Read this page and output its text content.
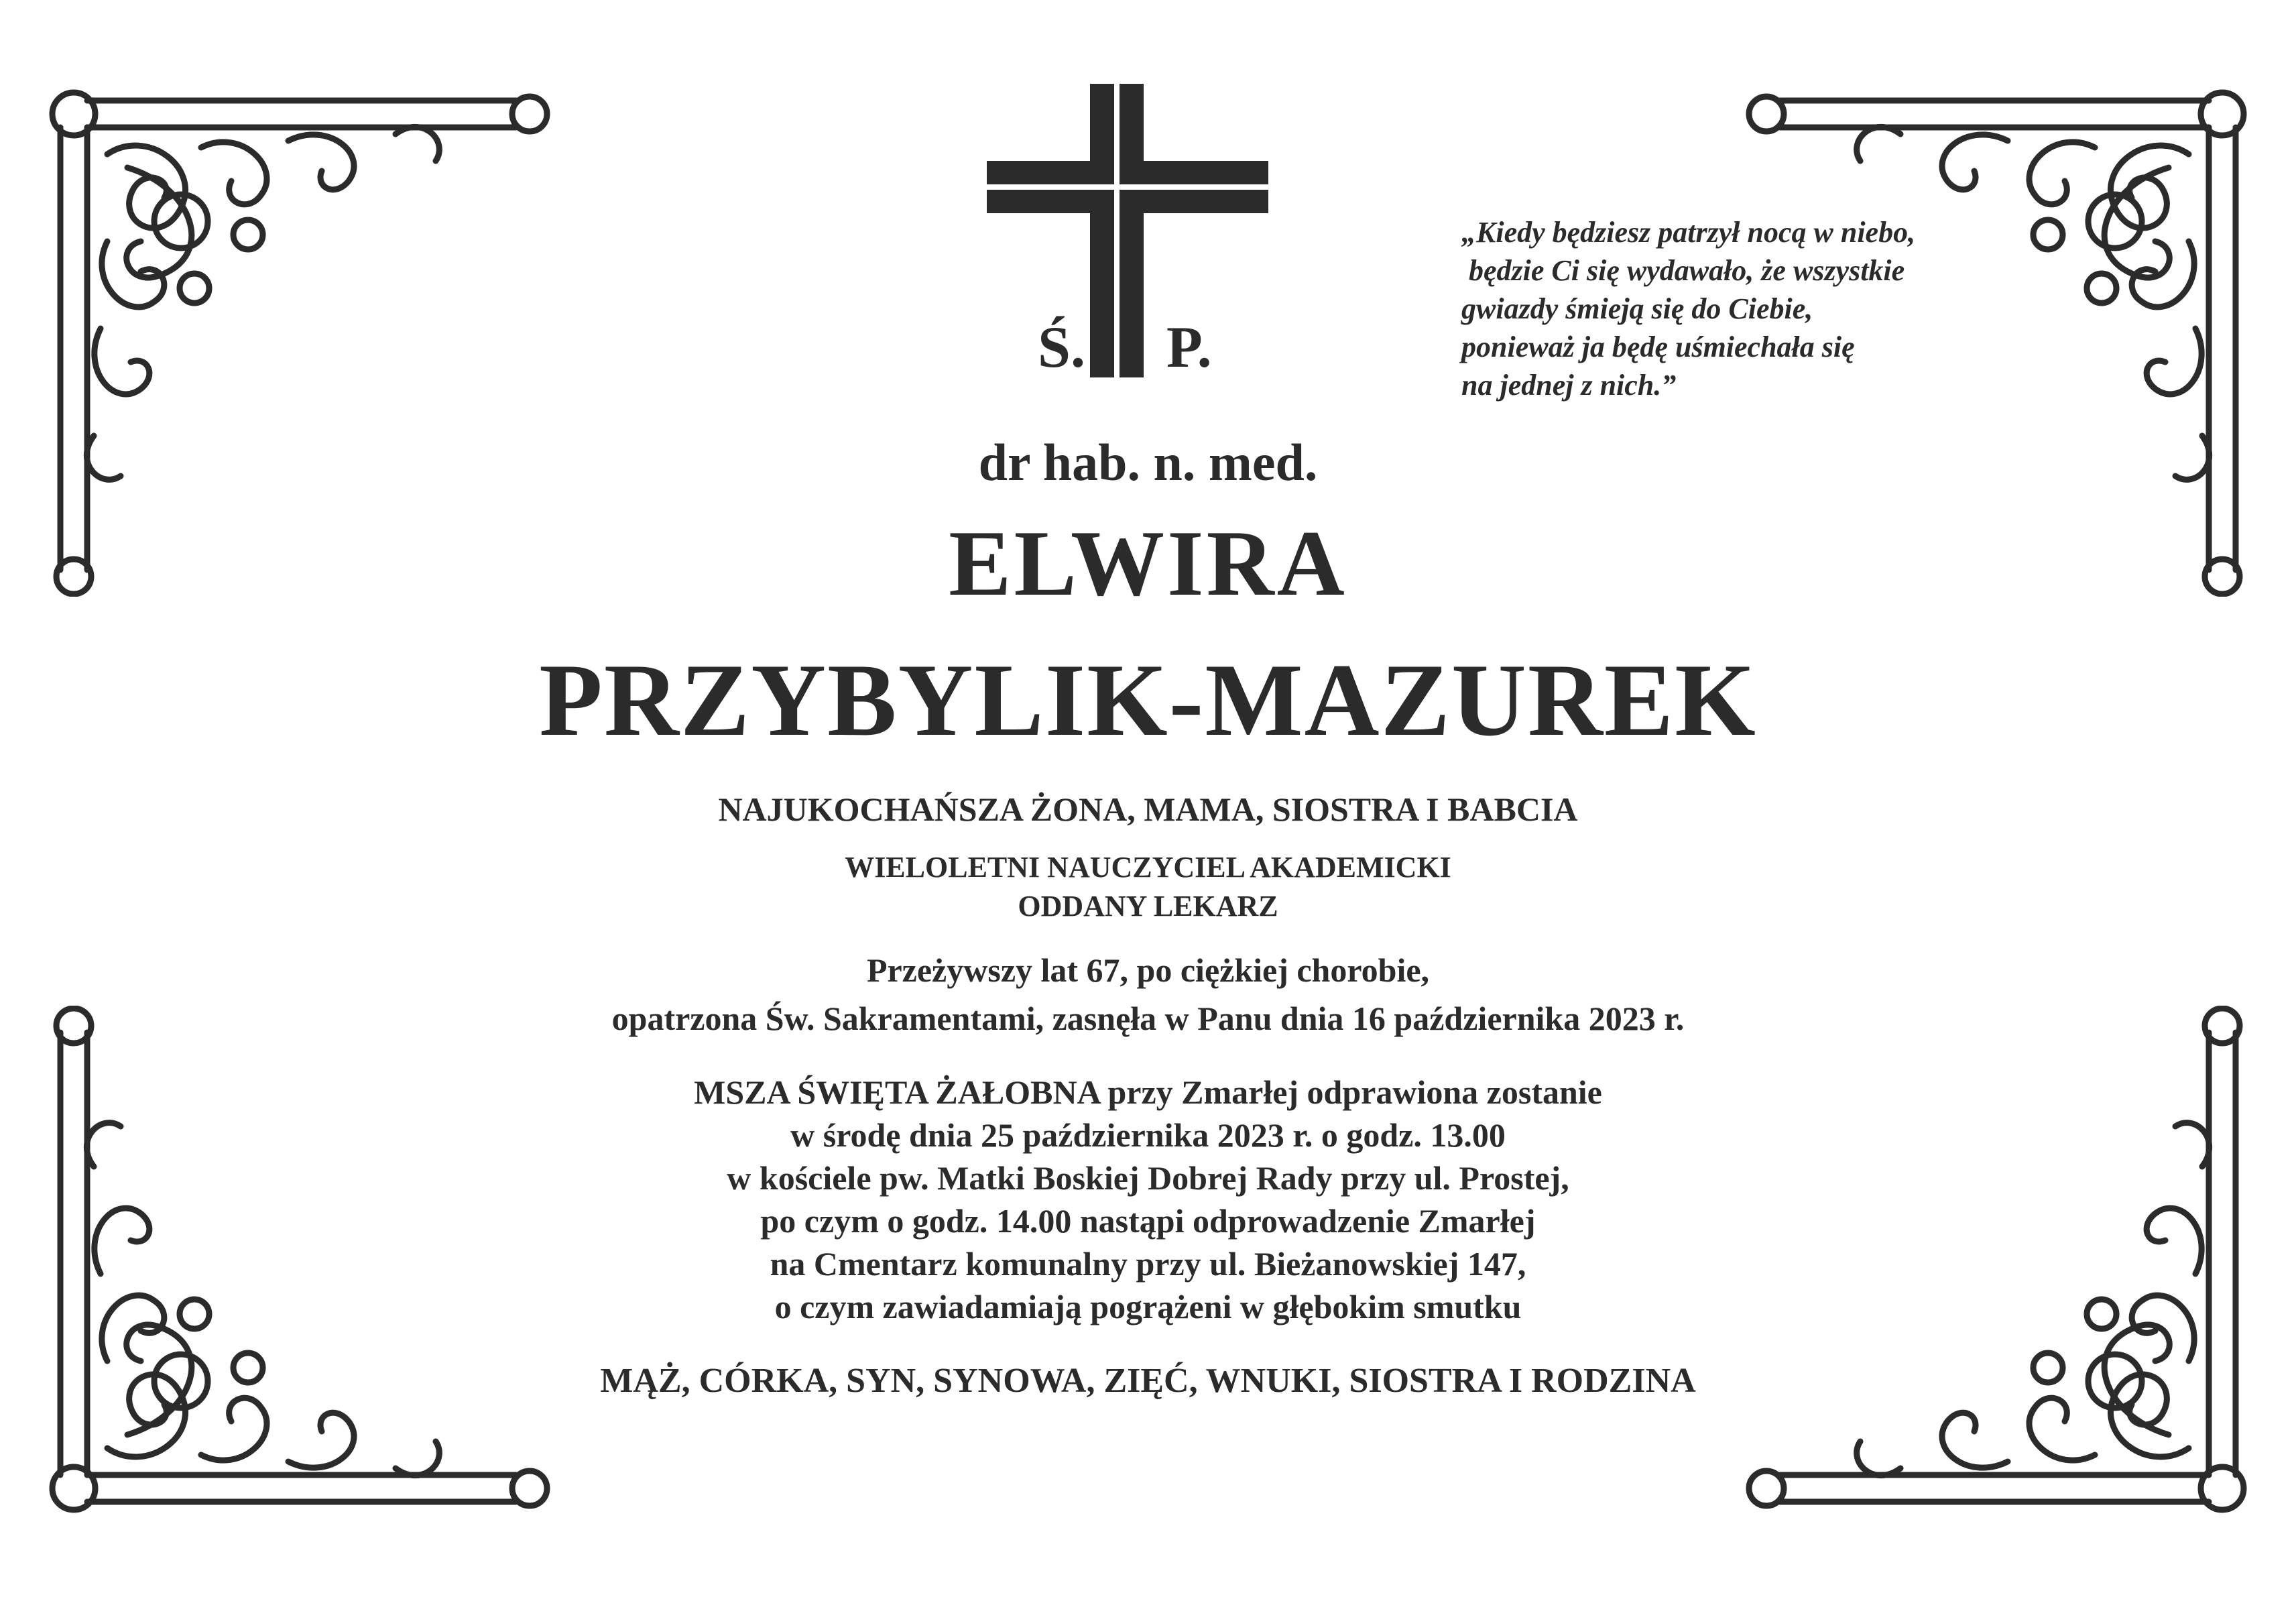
Ś. P.
„Kiedy będziesz patrzył nocą w niebo,
będzie Ci się wydawało, że wszystkie
gwiazdy śmieją się do Ciebie,
ponieważ ja będę uśmiechała się
na jednej z nich.”
dr hab. n. med.
ELWIRA
PRZYBYLIK-MAZUREK
NAJUKOCHAŃSZA ŻONA, MAMA, SIOSTRA I BABCIA
WIELOLETNI NAUCZYCIEL AKADEMICKI
ODDANY LEKARZ
Przeżywszy lat 67, po ciężkiej chorobie,
opatrzona Św. Sakramentami, zasnęła w Panu dnia 16 października 2023 r.
MSZA ŚWIĘTA ŻAŁOBNA przy Zmarłej odprawiona zostanie
w środę dnia 25 października 2023 r. o godz. 13.00
w kościele pw. Matki Boskiej Dobrej Rady przy ul. Prostej,
po czym o godz. 14.00 nastąpi odprowadzenie Zmarłej
na Cmentarz komunalny przy ul. Bieżanowskiej 147,
o czym zawiadamiają pogrążeni w głębokim smutku
MĄŻ, CÓRKA, SYN, SYNOWA, ZIĘĆ, WNUKI, SIOSTRA I RODZINA
